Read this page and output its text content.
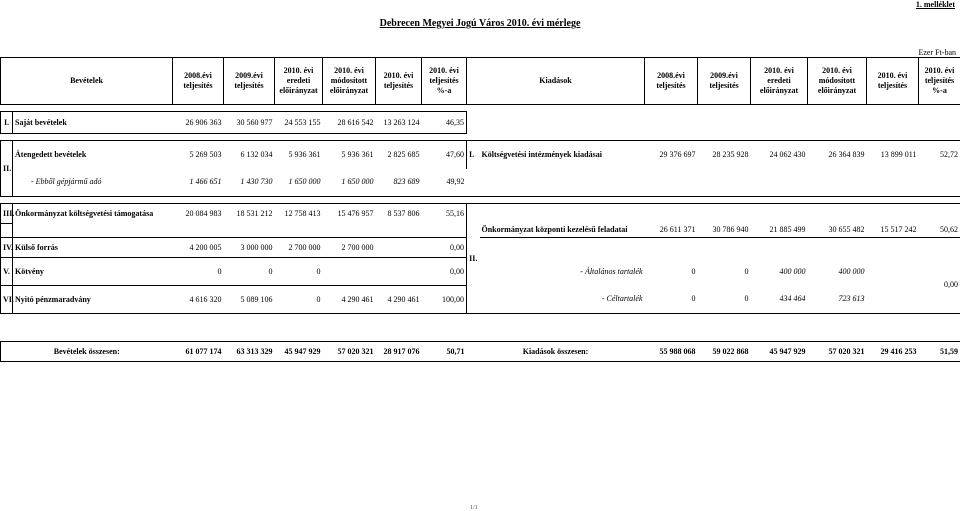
1. melléklet
Debrecen Megyei Jogú Város 2010. évi mérlege
Ezer Ft-ban
Bevételek		2008.évi teljesítés	2009.évi teljesítés	2010. évi eredeti előirányzat	2010. évi módosított előirányzat	2010. évi teljesítés	2010. évi teljesítés %-a	Kiadások		2008.évi teljesítés	2009.évi teljesítés	2010. évi eredeti előirányzat	2010. évi módosított előirányzat	2010. évi teljesítés	2010. évi teljesítés %-a

I.	Saját bevételek	26 906 363	30 560 977	24 553 155	28 616 542	13 263 124	46,35								

II.	Átengedett bevételek	5 269 503	6 132 034	5 936 361	5 936 361	2 825 685	47,60	I.	Költségvetési intézmények kiadásai	29 376 697	28 235 928	24 062 430	26 364 839	13 899 011	52,72
	- Ebből gépjármű adó	1 466 651	1 430 730	1 650 000	1 650 000	823 689	49,92								

III.	Önkormányzat költségvetési támogatása	20 084 983	18 531 212	12 758 413	15 476 957	8 537 806	55,16	II.							
									Önkormányzat központi kezelésű feladatai	26 611 371	30 786 940	21 885 499	30 655 482	15 517 242	50,62
IV.	Külső forrás	4 200 005	3 000 000	2 700 000	2 700 000		0,00								
V.	Kötvény	0	0	0			0,00		- Általános tartalék	0	0	400 000	400 000		0,00
VI.	Nyitó pénzmaradvány	4 616 320	5 089 106	0	4 290 461	4 290 461	100,00		- Céltartalék	0	0	434 464	723 613		
Bevételek összesen:	61 077 174	63 313 329	45 947 929	57 020 321	28 917 076	50,71	Kiadások összesen:	55 988 068	59 022 868	45 947 929	57 020 321	29 416 253	51,59
1/1
